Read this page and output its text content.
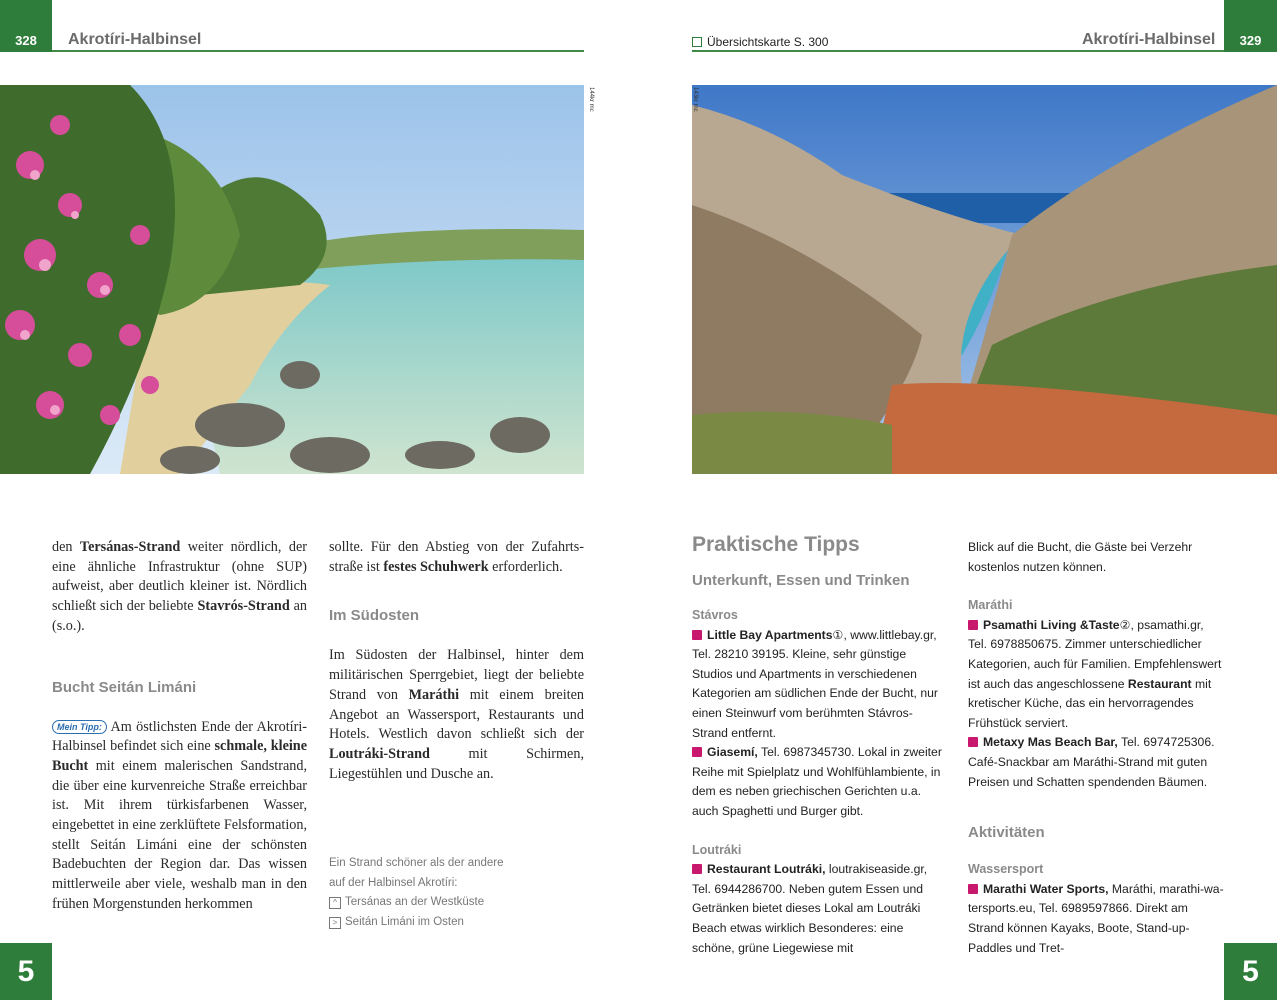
328 Akrotíri-Halbinsel	Übersichtskarte S. 300	Akrotíri-Halbinsel 329
144kr mc	143kr mc

den Tersánas-Strand weiter nördlich, der eine ähnliche Infrastruktur (ohne SUP) aufweist, aber deutlich kleiner ist. Nördlich schließt sich der beliebte Stavrós-Strand an (s.o.).

Bucht Seitán Limáni

Mein Tipp: Am östlichsten Ende der Akrotíri-Halbinsel befindet sich eine schmale, kleine Bucht mit einem malerischen Sandstrand, die über eine kurvenreiche Straße erreichbar ist. Mit ihrem türkisfarbenen Wasser, eingebettet in eine zerklüftete Felsformation, stellt Seitán Limáni eine der schönsten Badebuchten der Region dar. Das wissen mittlerweile aber viele, weshalb man in den frühen Morgenstunden herkommen

sollte. Für den Abstieg von der Zufahrtsstraße ist festes Schuhwerk erforderlich.

Im Südosten

Im Südosten der Halbinsel, hinter dem militärischen Sperrgebiet, liegt der beliebte Strand von Maráthi mit einem breiten Angebot an Wassersport, Restaurants und Hotels. Westlich davon schließt sich der Loutráki-Strand mit Schirmen, Liegestühlen und Dusche an.

Ein Strand schöner als der andere
auf der Halbinsel Akrotíri:
^ Tersánas an der Westküste
> Seitán Limáni im Osten
Praktische Tipps
Unterkunft, Essen und Trinken
Stávros

Little Bay Apartments①, www.littlebay.gr, Tel. 28210 39195. Kleine, sehr günstige Studios und Apartments in verschiedenen Kategorien am südlichen Ende der Bucht, nur einen Steinwurf vom berühmten Stávros-Strand entfernt.

Giasemí, Tel. 6987345730. Lokal in zweiter Reihe mit Spielplatz und Wohlfühlambiente, in dem es neben griechischen Gerichten u.a. auch Spaghetti und Burger gibt.

Loutráki

Restaurant Loutráki, loutrakiseaside.gr, Tel. 6944286700. Neben gutem Essen und Getränken bietet dieses Lokal am Loutráki Beach etwas wirklich Besonderes: eine schöne, grüne Liegewiese mit

Blick auf die Bucht, die Gäste bei Verzehr kostenlos nutzen können.

Maráthi

Psamathi Living &Taste②, psamathi.gr, Tel. 6978850675. Zimmer unterschiedlicher Kategorien, auch für Familien. Empfehlenswert ist auch das angeschlossene Restaurant mit kretischer Küche, das ein hervorragendes Frühstück serviert.

Metaxy Mas Beach Bar, Tel. 6974725306. Café-Snackbar am Maráthi-Strand mit guten Preisen und Schatten spendenden Bäumen.

Aktivitäten
Wassersport

Marathi Water Sports, Maráthi, marathi-watersports.eu, Tel. 6989597866. Direkt am Strand können Kayaks, Boote, Stand-up-Paddles und Tret-

5	5
